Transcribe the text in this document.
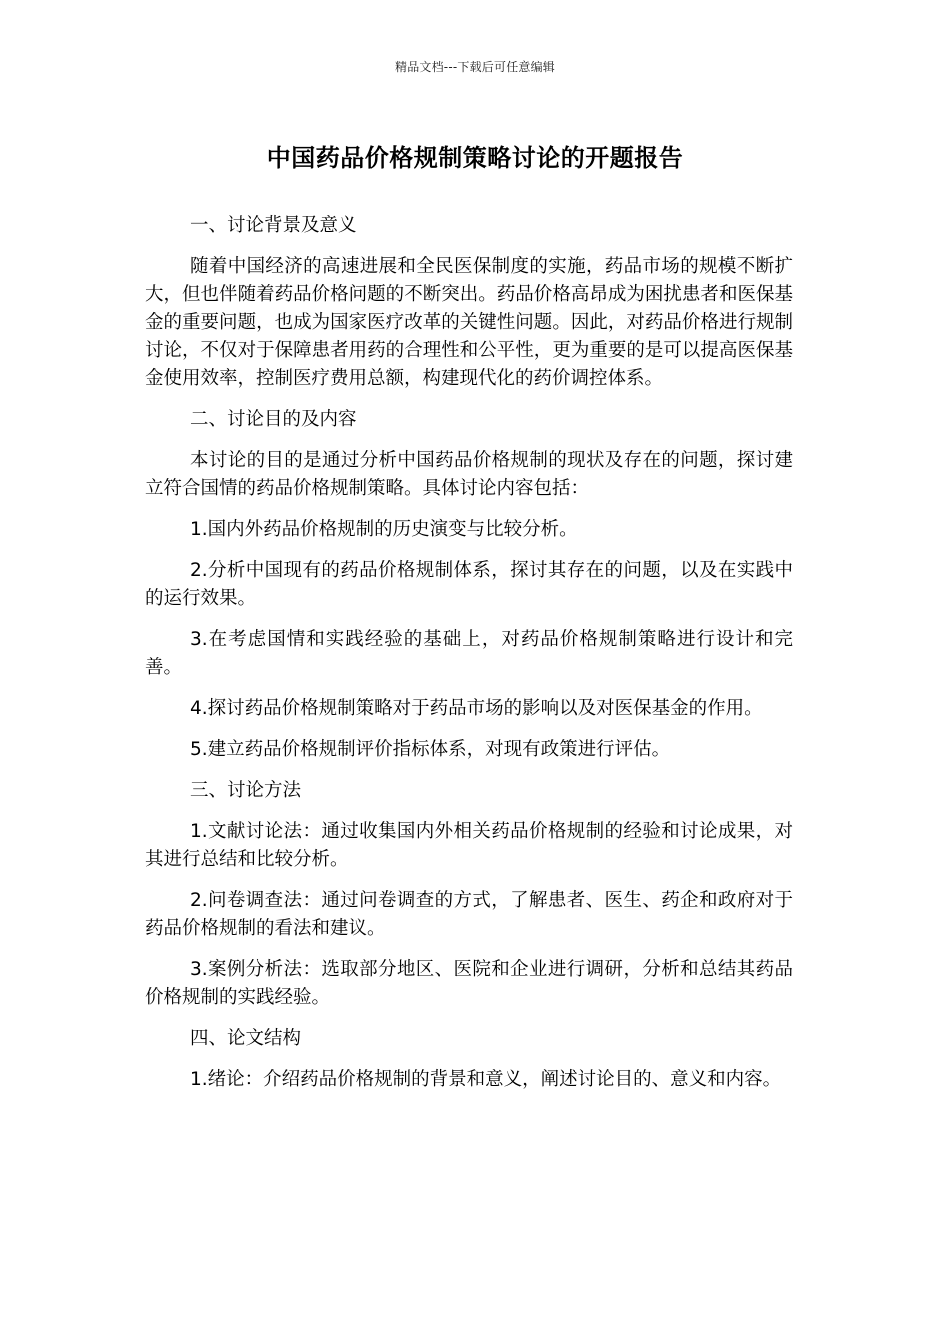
精品文档---下载后可任意编辑
中国药品价格规制策略讨论的开题报告

一、讨论背景及意义

随着中国经济的高速进展和全民医保制度的实施，药品市场的规模不断扩大，但也伴随着药品价格问题的不断突出。药品价格高昂成为困扰患者和医保基金的重要问题，也成为国家医疗改革的关键性问题。因此，对药品价格进行规制讨论，不仅对于保障患者用药的合理性和公平性，更为重要的是可以提高医保基金使用效率，控制医疗费用总额，构建现代化的药价调控体系。

二、讨论目的及内容

本讨论的目的是通过分析中国药品价格规制的现状及存在的问题，探讨建立符合国情的药品价格规制策略。具体讨论内容包括：

1.国内外药品价格规制的历史演变与比较分析。

2.分析中国现有的药品价格规制体系，探讨其存在的问题，以及在实践中的运行效果。

3.在考虑国情和实践经验的基础上，对药品价格规制策略进行设计和完善。

4.探讨药品价格规制策略对于药品市场的影响以及对医保基金的作用。

5.建立药品价格规制评价指标体系，对现有政策进行评估。

三、讨论方法

1.文献讨论法：通过收集国内外相关药品价格规制的经验和讨论成果，对其进行总结和比较分析。

2.问卷调查法：通过问卷调查的方式，了解患者、医生、药企和政府对于药品价格规制的看法和建议。

3.案例分析法：选取部分地区、医院和企业进行调研，分析和总结其药品价格规制的实践经验。

四、论文结构

1.绪论：介绍药品价格规制的背景和意义，阐述讨论目的、意义和内容。
